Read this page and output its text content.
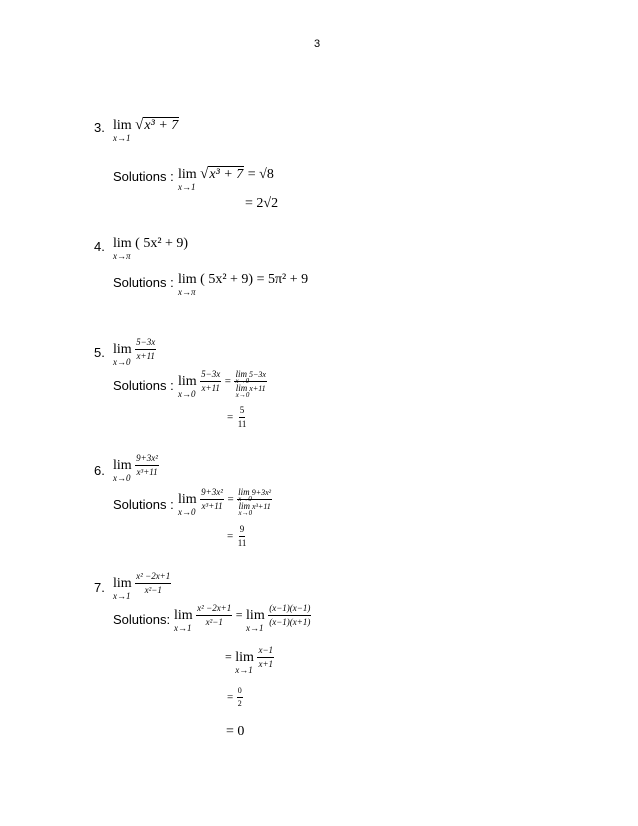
3
3. lim
x→1
√x³ + 7
Solutions : lim
x→1
√x³ + 7 = √8
= 2√2
4. lim
x→π
( 5x² + 9)
Solutions : lim
x→π
( 5x² + 9) = 5π² + 9
5. lim
x→0
$\frac{5-3x}{x+11}$
Solutions : lim
x→0
$\frac{5-3x}{x+11} = \lim$
x→0
5−3x
lim
x→0
x+11
= $\frac{5}{11}$
6. lim
x→0
$\frac{\text{9+3x²}}{\text{x³+11}}$
Solutions : lim
x→0
$\frac{\text{9+3x²}}{\text{x³+11}} = \lim$
x→0
9+3x²
lim
x→0
x³+11
= $\frac{9}{11}$
7. lim
x→1
$\frac{\text{x² −2x+1}}{\text{x²−1}}$
Solutions: lim
x→1
$\frac{\text{x² −2x+1}}{\text{x²−1}} = \lim$
x→1
$\frac{(x-1)(x-1)}{(x-1)(x+1)}$
= lim
x→1
$\frac{x-1}{x+1}$
= $\frac{0}{2}$
= 0
